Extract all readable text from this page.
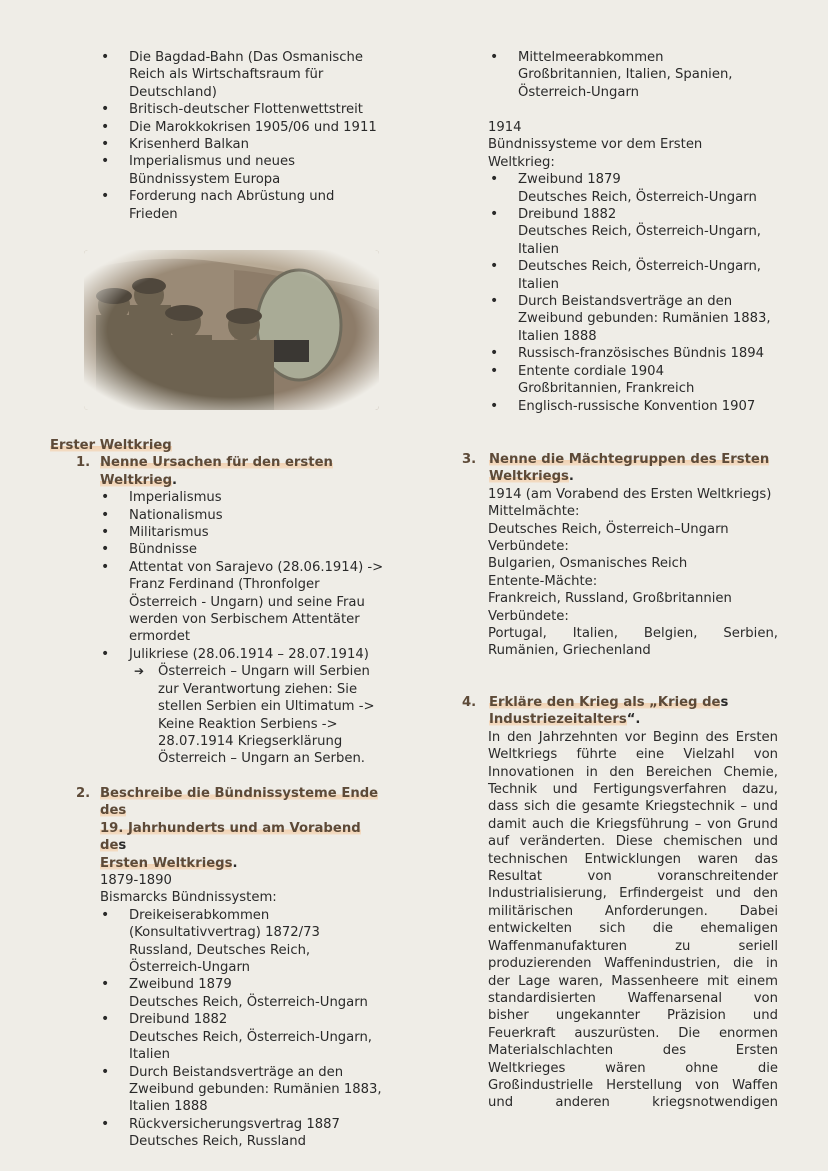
• Die Bagdad-Bahn (Das Osmanische
Reich als Wirtschaftsraum für
Deutschland)
• Britisch-deutscher Flottenwettstreit
• Die Marokkokrisen 1905/06 und 1911
• Krisenherd Balkan
• Imperialismus und neues
Bündnissystem Europa
• Forderung nach Abrüstung und
Frieden
Erster Weltkrieg
1. Nenne Ursachen für den ersten Weltkrieg.
• Imperialismus
• Nationalismus
• Militarismus
• Bündnisse
• Attentat von Sarajevo (28.06.1914) ->
Franz Ferdinand (Thronfolger
Österreich - Ungarn) und seine Frau
werden von Serbischem Attentäter
ermordet
• Julikriese (28.06.1914 – 28.07.1914)
➔ Österreich – Ungarn will Serbien
zur Verantwortung ziehen: Sie
stellen Serbien ein Ultimatum ->
Keine Reaktion Serbiens ->
28.07.1914 Kriegserklärung
Österreich – Ungarn an Serben.
2. Beschreibe die Bündnissysteme Ende des
19. Jahrhunderts und am Vorabend des
Ersten Weltkriegs.
1879-1890
Bismarcks Bündnissystem:
• Dreikeiserabkommen
(Konsultativvertrag) 1872/73
Russland, Deutsches Reich,
Österreich-Ungarn
• Zweibund 1879
Deutsches Reich, Österreich-Ungarn
• Dreibund 1882
Deutsches Reich, Österreich-Ungarn,
Italien
• Durch Beistandsverträge an den
Zweibund gebunden: Rumänien 1883,
Italien 1888
• Rückversicherungsvertrag 1887
Deutsches Reich, Russland
• Mittelmeerabkommen
Großbritannien, Italien, Spanien,
Österreich-Ungarn
1914
Bündnissysteme vor dem Ersten
Weltkrieg:
• Zweibund 1879
Deutsches Reich, Österreich-Ungarn
• Dreibund 1882
Deutsches Reich, Österreich-Ungarn,
Italien
• Deutsches Reich, Österreich-Ungarn,
Italien
• Durch Beistandsverträge an den
Zweibund gebunden: Rumänien 1883,
Italien 1888
• Russisch-französisches Bündnis 1894
• Entente cordiale 1904
Großbritannien, Frankreich
• Englisch-russische Konvention 1907
3. Nenne die Mächtegruppen des Ersten
Weltkriegs.
1914 (am Vorabend des Ersten Weltkriegs)
Mittelmächte:
Deutsches Reich, Österreich–Ungarn
Verbündete:
Bulgarien, Osmanisches Reich
Entente-Mächte:
Frankreich, Russland, Großbritannien
Verbündete:
Portugal, Italien, Belgien, Serbien,
Rumänien, Griechenland
4. Erkläre den Krieg als „Krieg des
Industriezeitalters“.
In den Jahrzehnten vor Beginn des Ersten
Weltkriegs führte eine Vielzahl von
Innovationen in den Bereichen Chemie,
Technik und Fertigungsverfahren dazu,
dass sich die gesamte Kriegstechnik – und
damit auch die Kriegsführung – von Grund
auf veränderten. Diese chemischen und
technischen Entwicklungen waren das
Resultat von voranschreitender
Industrialisierung, Erfindergeist und den
militärischen Anforderungen. Dabei
entwickelten sich die ehemaligen
Waffenmanufakturen zu seriell
produzierenden Waffenindustrien, die in
der Lage waren, Massenheere mit einem
standardisierten Waffenarsenal von
bisher ungekannter Präzision und
Feuerkraft auszurüsten. Die enormen
Materialschlachten des Ersten
Weltkrieges wären ohne die
Großindustrielle Herstellung von Waffen
und anderen kriegsnotwendigen
